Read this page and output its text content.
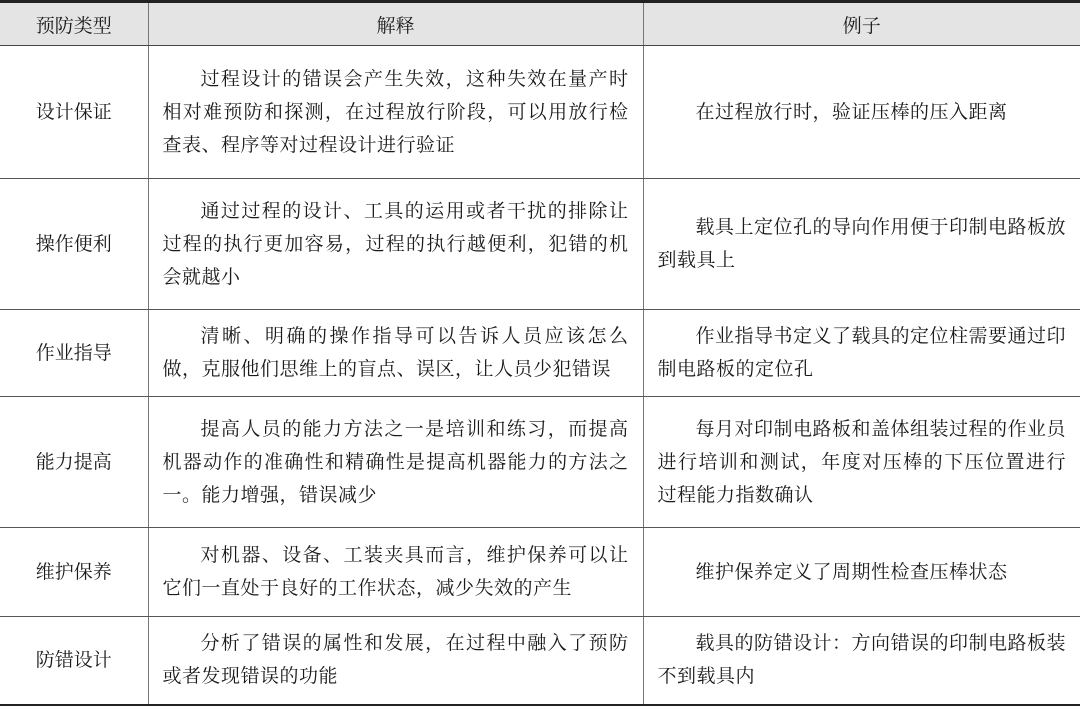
预防类型	解释	例子
设计保证	过程设计的错误会产生失效，这种失效在量产时相对难预防和探测，在过程放行阶段，可以用放行检查表、程序等对过程设计进行验证	在过程放行时，验证压棒的压入距离
操作便利	通过过程的设计、工具的运用或者干扰的排除让过程的执行更加容易，过程的执行越便利，犯错的机会就越小	载具上定位孔的导向作用便于印制电路板放到载具上
作业指导	清晰、明确的操作指导可以告诉人员应该怎么做，克服他们思维上的盲点、误区，让人员少犯错误	作业指导书定义了载具的定位柱需要通过印制电路板的定位孔
能力提高	提高人员的能力方法之一是培训和练习，而提高机器动作的准确性和精确性是提高机器能力的方法之一。能力增强，错误减少	每月对印制电路板和盖体组装过程的作业员进行培训和测试，年度对压棒的下压位置进行过程能力指数确认
维护保养	对机器、设备、工装夹具而言，维护保养可以让它们一直处于良好的工作状态，减少失效的产生	维护保养定义了周期性检查压棒状态
防错设计	分析了错误的属性和发展，在过程中融入了预防或者发现错误的功能	载具的防错设计：方向错误的印制电路板装不到载具内
